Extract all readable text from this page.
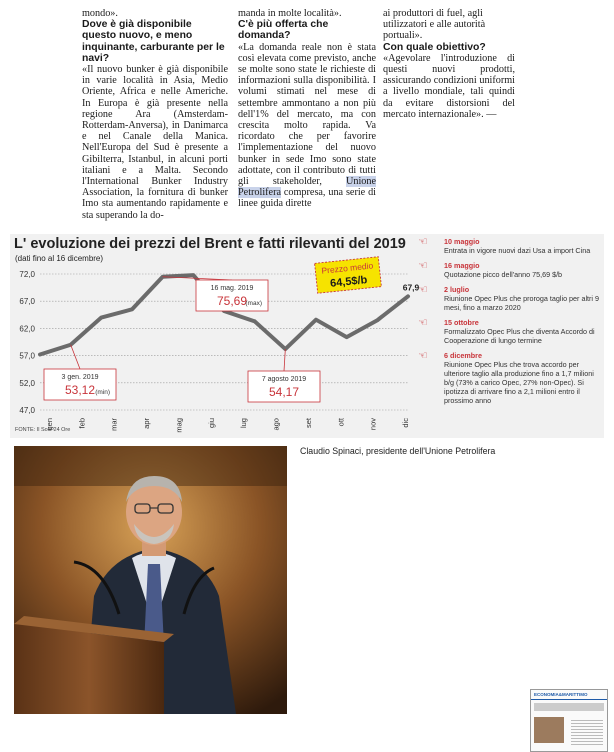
mondo».

Dove è già disponibile questo nuovo, e meno inquinante, carburante per le navi?

«Il nuovo bunker è già disponibile in varie località in Asia, Medio Oriente, Africa e nelle Americhe. In Europa è già presente nella regione Ara (Amsterdam-Rotterdam-Anversa), in Danimarca e nel Canale della Manica. Nell'Europa del Sud è presente a Gibilterra, Istanbul, in alcuni porti italiani e a Malta. Secondo l'International Bunker Industry Association, la fornitura di bunker Imo sta aumentando rapidamente e sta superando la do-

manda in molte località».

C'è più offerta che domanda?

«La domanda reale non è stata così elevata come previsto, anche se molte sono state le richieste di informazioni sulla disponibilità. I volumi stimati nel mese di settembre ammontano a non più dell'1% del mercato, ma con crescita molto rapida. Va ricordato che per favorire l'implementazione del nuovo bunker in sede Imo sono state adottate, con il contributo di tutti gli stakeholder, Unione Petrolifera compresa, una serie di linee guida dirette

ai produttori di fuel, agli utilizzatori e alle autorità portuali».

Con quale obiettivo?

«Agevolare l'introduzione di questi nuovi prodotti, assicurando condizioni uniformi a livello mondiale, tali quindi da evitare distorsioni del mercato internazionale». —

L' evoluzione dei prezzi del Brent e fatti rilevanti del 2019
(dati fino al 16 dicembre)
72,0
67,0
62,0
57,0
52,0
47,0
gen	feb	mar	apr	mag	giu	lug	ago	set	ott	nov	dic
67,9
3 gen. 2019
53,12 (min)
16 mag. 2019
75,69
(max)
7 agosto 2019
54,17
Prezzo medio
64,5$/b
FONTE: Il Sole 24 Ore
☜ 10 maggio
Entrata in vigore nuovi dazi Usa a import Cina
☜ 16 maggio
Quotazione picco dell'anno 75,69 $/b
☜ 2 luglio
Riunione Opec Plus che proroga taglio per altri 9 mesi, fino a marzo 2020
☜ 15 ottobre
Formalizzato Opec Plus che diventa Accordo di Cooperazione di lungo termine
☜ 6 dicembre
Riunione Opec Plus che trova accordo per ulteriore taglio alla produzione fino a 1,7 milioni b/g (73% a carico Opec, 27% non-Opec). Si ipotizza di arrivare fino a 2,1 milioni entro il prossimo anno
Claudio Spinaci, presidente dell'Unione Petrolifera
ECONOMIA&MARITTIMO
